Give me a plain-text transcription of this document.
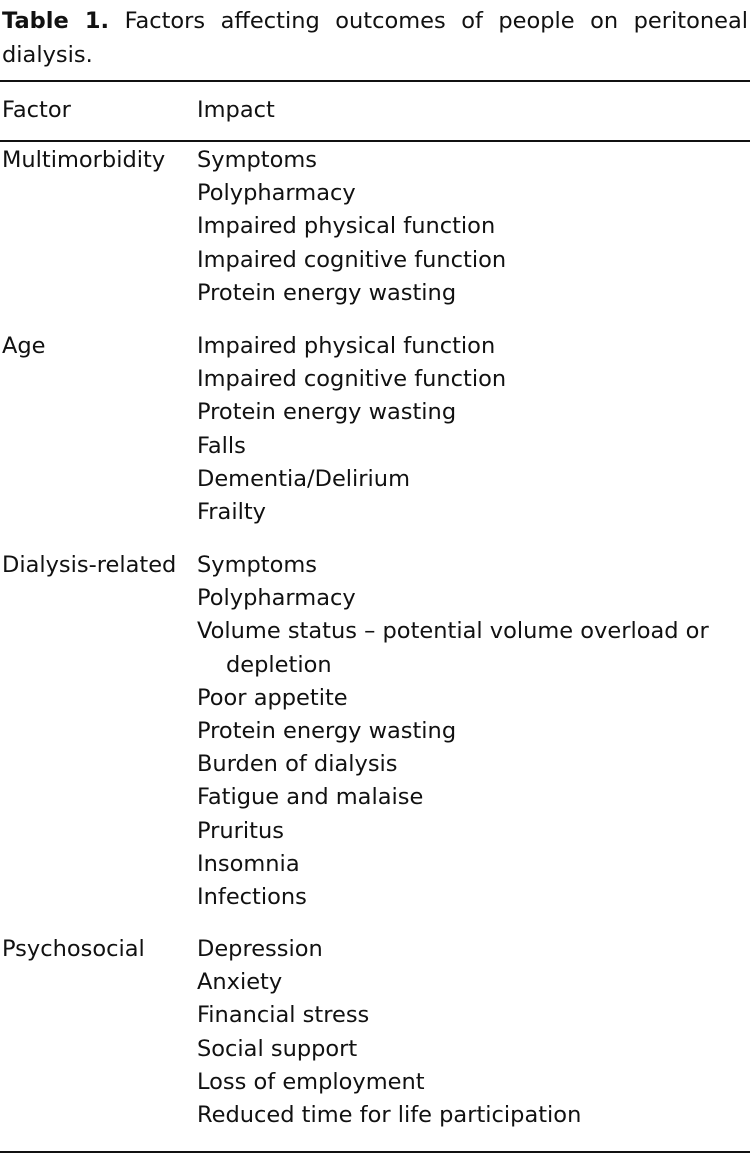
Table 1. Factors affecting outcomes of people on peritoneal dialysis.
Factor	Impact
Multimorbidity Symptoms
Polypharmacy
Impaired physical function
Impaired cognitive function
Protein energy wasting
Age	Impaired physical function
Impaired cognitive function
Protein energy wasting
Falls
Dementia/Delirium
Frailty
Dialysis-related Symptoms
Polypharmacy
Volume status – potential volume overload or depletion
Poor appetite
Protein energy wasting
Burden of dialysis
Fatigue and malaise
Pruritus
Insomnia
Infections
Psychosocial Depression
Anxiety
Financial stress
Social support
Loss of employment
Reduced time for life participation
